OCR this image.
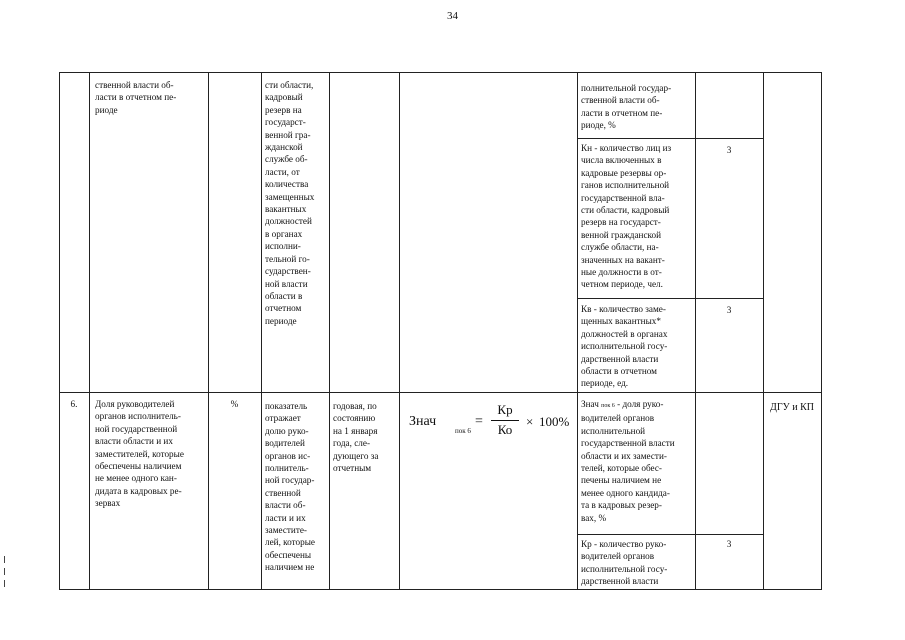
34
ственной власти об-
ласти в отчетном пе-
риоде
сти области,
кадровый
резерв на
государст-
венной гра-
жданской
службе об-
ласти, от
количества
замещенных
вакантных
должностей
в органах
исполни-
тельной го-
сударствен-
ной власти
области в
отчетном
периоде
полнительной государ-
ственной власти об-
ласти в отчетном пе-
риоде, %
Кн - количество лиц из
числа включенных в
кадровые резервы ор-
ганов исполнительной
государственной вла-
сти области, кадровый
резерв на государст-
венной гражданской
службе области, на-
значенных на вакант-
ные должности в от-
четном периоде, чел.
3
Кв - количество заме-
щенных вакантных*
должностей в органах
исполнительной госу-
дарственной власти
области в отчетном
периоде, ед.
3
6.	Доля руководителей
органов исполнитель-
ной государственной
власти области и их
заместителей, которые
обеспечены наличием
не менее одного кан-
дидата в кадровых ре-
зервах
%	показатель
отражает
долю руко-
водителей
органов ис-
полнитель-
ной государ-
ственной
власти об-
ласти и их
заместите-
лей, которые
обеспечены
наличием не
годовая, по
состоянию
на 1 января
года, сле-
дующего за
отчетным
Знач
пок 6
=
Кр
Ко
× 100%
Знач пок 6 - доля руко-
водителей органов
исполнительной
государственной власти
области и их замести-
телей, которые обес-
печены наличием не
менее одного кандида-
та в кадровых резер-
вах, %
Кр - количество руко-
водителей органов
исполнительной госу-
дарственной власти
3
ДГУ и КП
